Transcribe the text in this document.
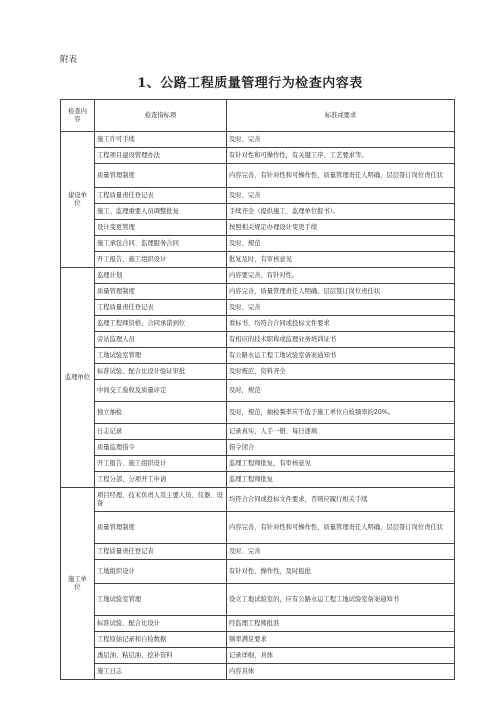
附表
1、公路工程质量管理行为检查内容表
检查内容	检查指标项	标准或要求
建设单位	施工许可手续	及时、完善
	工程项目建设管理办法	有针对性和可操作性，有关键工序、工艺要求等。
	质量管理制度	内容完善，有针对性和可操作性，质量管理责任人明确，层层签订岗位责任状
	工程质量责任登记表	及时、完善
	施工、监理重要人员调整批复	手续齐全（提供施工、监理单位报书）。
	设计变更管理	按照相关规定办理设计变更手续
	施工承包合同、监理服务合同	及时、规范
	开工报告、施工组织设计	批复及时、有审核意见
监理单位	监理计划	内容要完善、有针对性。
	质量管理制度	内容完善，质量管理责任人明确，层层签订岗位责任状
	工程质量责任登记表	及时、完善
	监理工程师资格、合同承诺到位	看标书、均符合合同或投标文件要求
	旁站监理人员	有相应的技术职称或监理业务培训证书
	工地试验室管理	有公路水运工程工地试验室备案通知书
	标准试验、配合比设计验证审批	及时规范、资料齐全
	中间交工验收及质量评定	及时，规范
	独立抽检	及时，规范，抽检频率应不低于施工单位自检频率的20%。
	日志记录	记录真实、人手一册、每日逐填
	质量监理指令	指令闭合
	开工报告、施工组织设计	监理工程师批复，有审核意见
	工程分部、分项开工申请	监理工程师批复
施工单位	项目经理、技术负责人及主要人员、仪器、设备	均符合合同或投标文件要求，否则应履行相关手续
	质量管理制度	内容完善，有针对性和可操作性，质量管理责任人明确，层层签订岗位责任状
	工程质量责任登记表	及时、完善
	工地组织设计	有针对性、操作性，及时报批
	工地试验室管理	设立工地试验室的，应有公路水运工程工地试验室备案通知书
	标准试验、配合比设计	经监理工程师批准
	工程原始记录和自检数据	频率满足要求
	透层油、粘层油、挖补资料	记录详细、具体
	施工日志	内容具体
